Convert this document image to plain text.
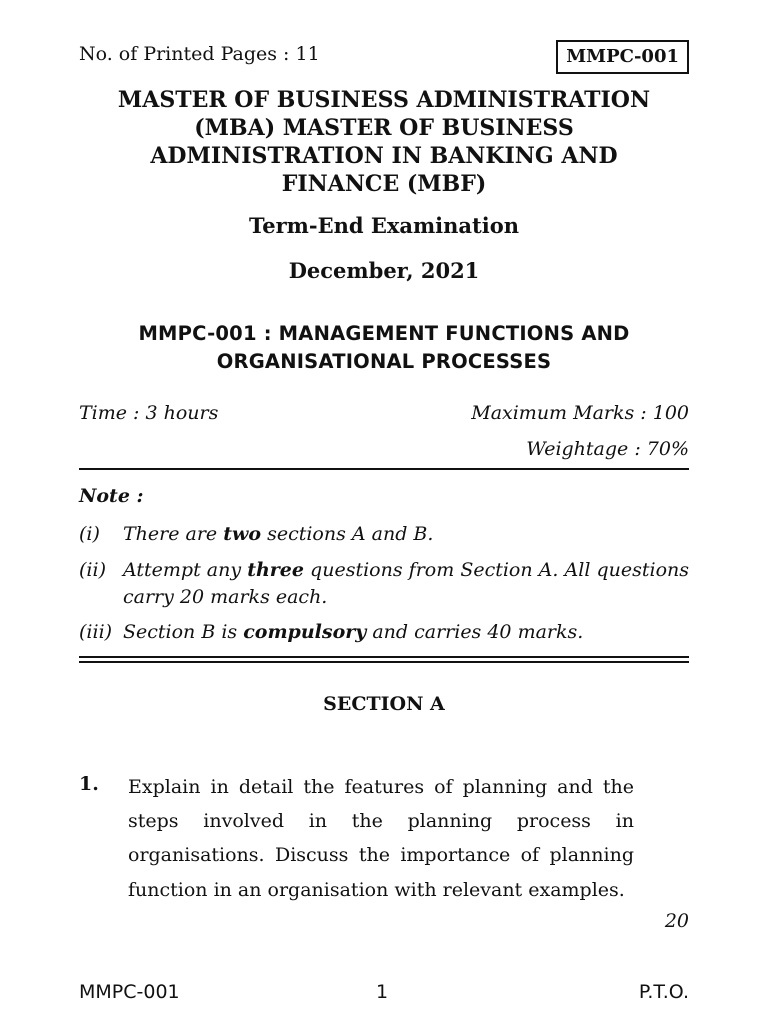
No. of Printed Pages : 11	MMPC-001
MASTER OF BUSINESS ADMINISTRATION
(MBA) MASTER OF BUSINESS
ADMINISTRATION IN BANKING AND
FINANCE (MBF)
Term-End Examination
December, 2021
MMPC-001 : MANAGEMENT FUNCTIONS AND
ORGANISATIONAL PROCESSES
Time : 3 hours	Maximum Marks : 100
Weightage : 70%
Note :
(i) There are two sections A and B.
(ii) Attempt any three questions from Section A. All questions carry 20 marks each.
(iii) Section B is compulsory and carries 40 marks.
SECTION A
1. Explain in detail the features of planning and the steps involved in the planning process in organisations. Discuss the importance of planning function in an organisation with relevant examples.
20
MMPC-001	1	P.T.O.
